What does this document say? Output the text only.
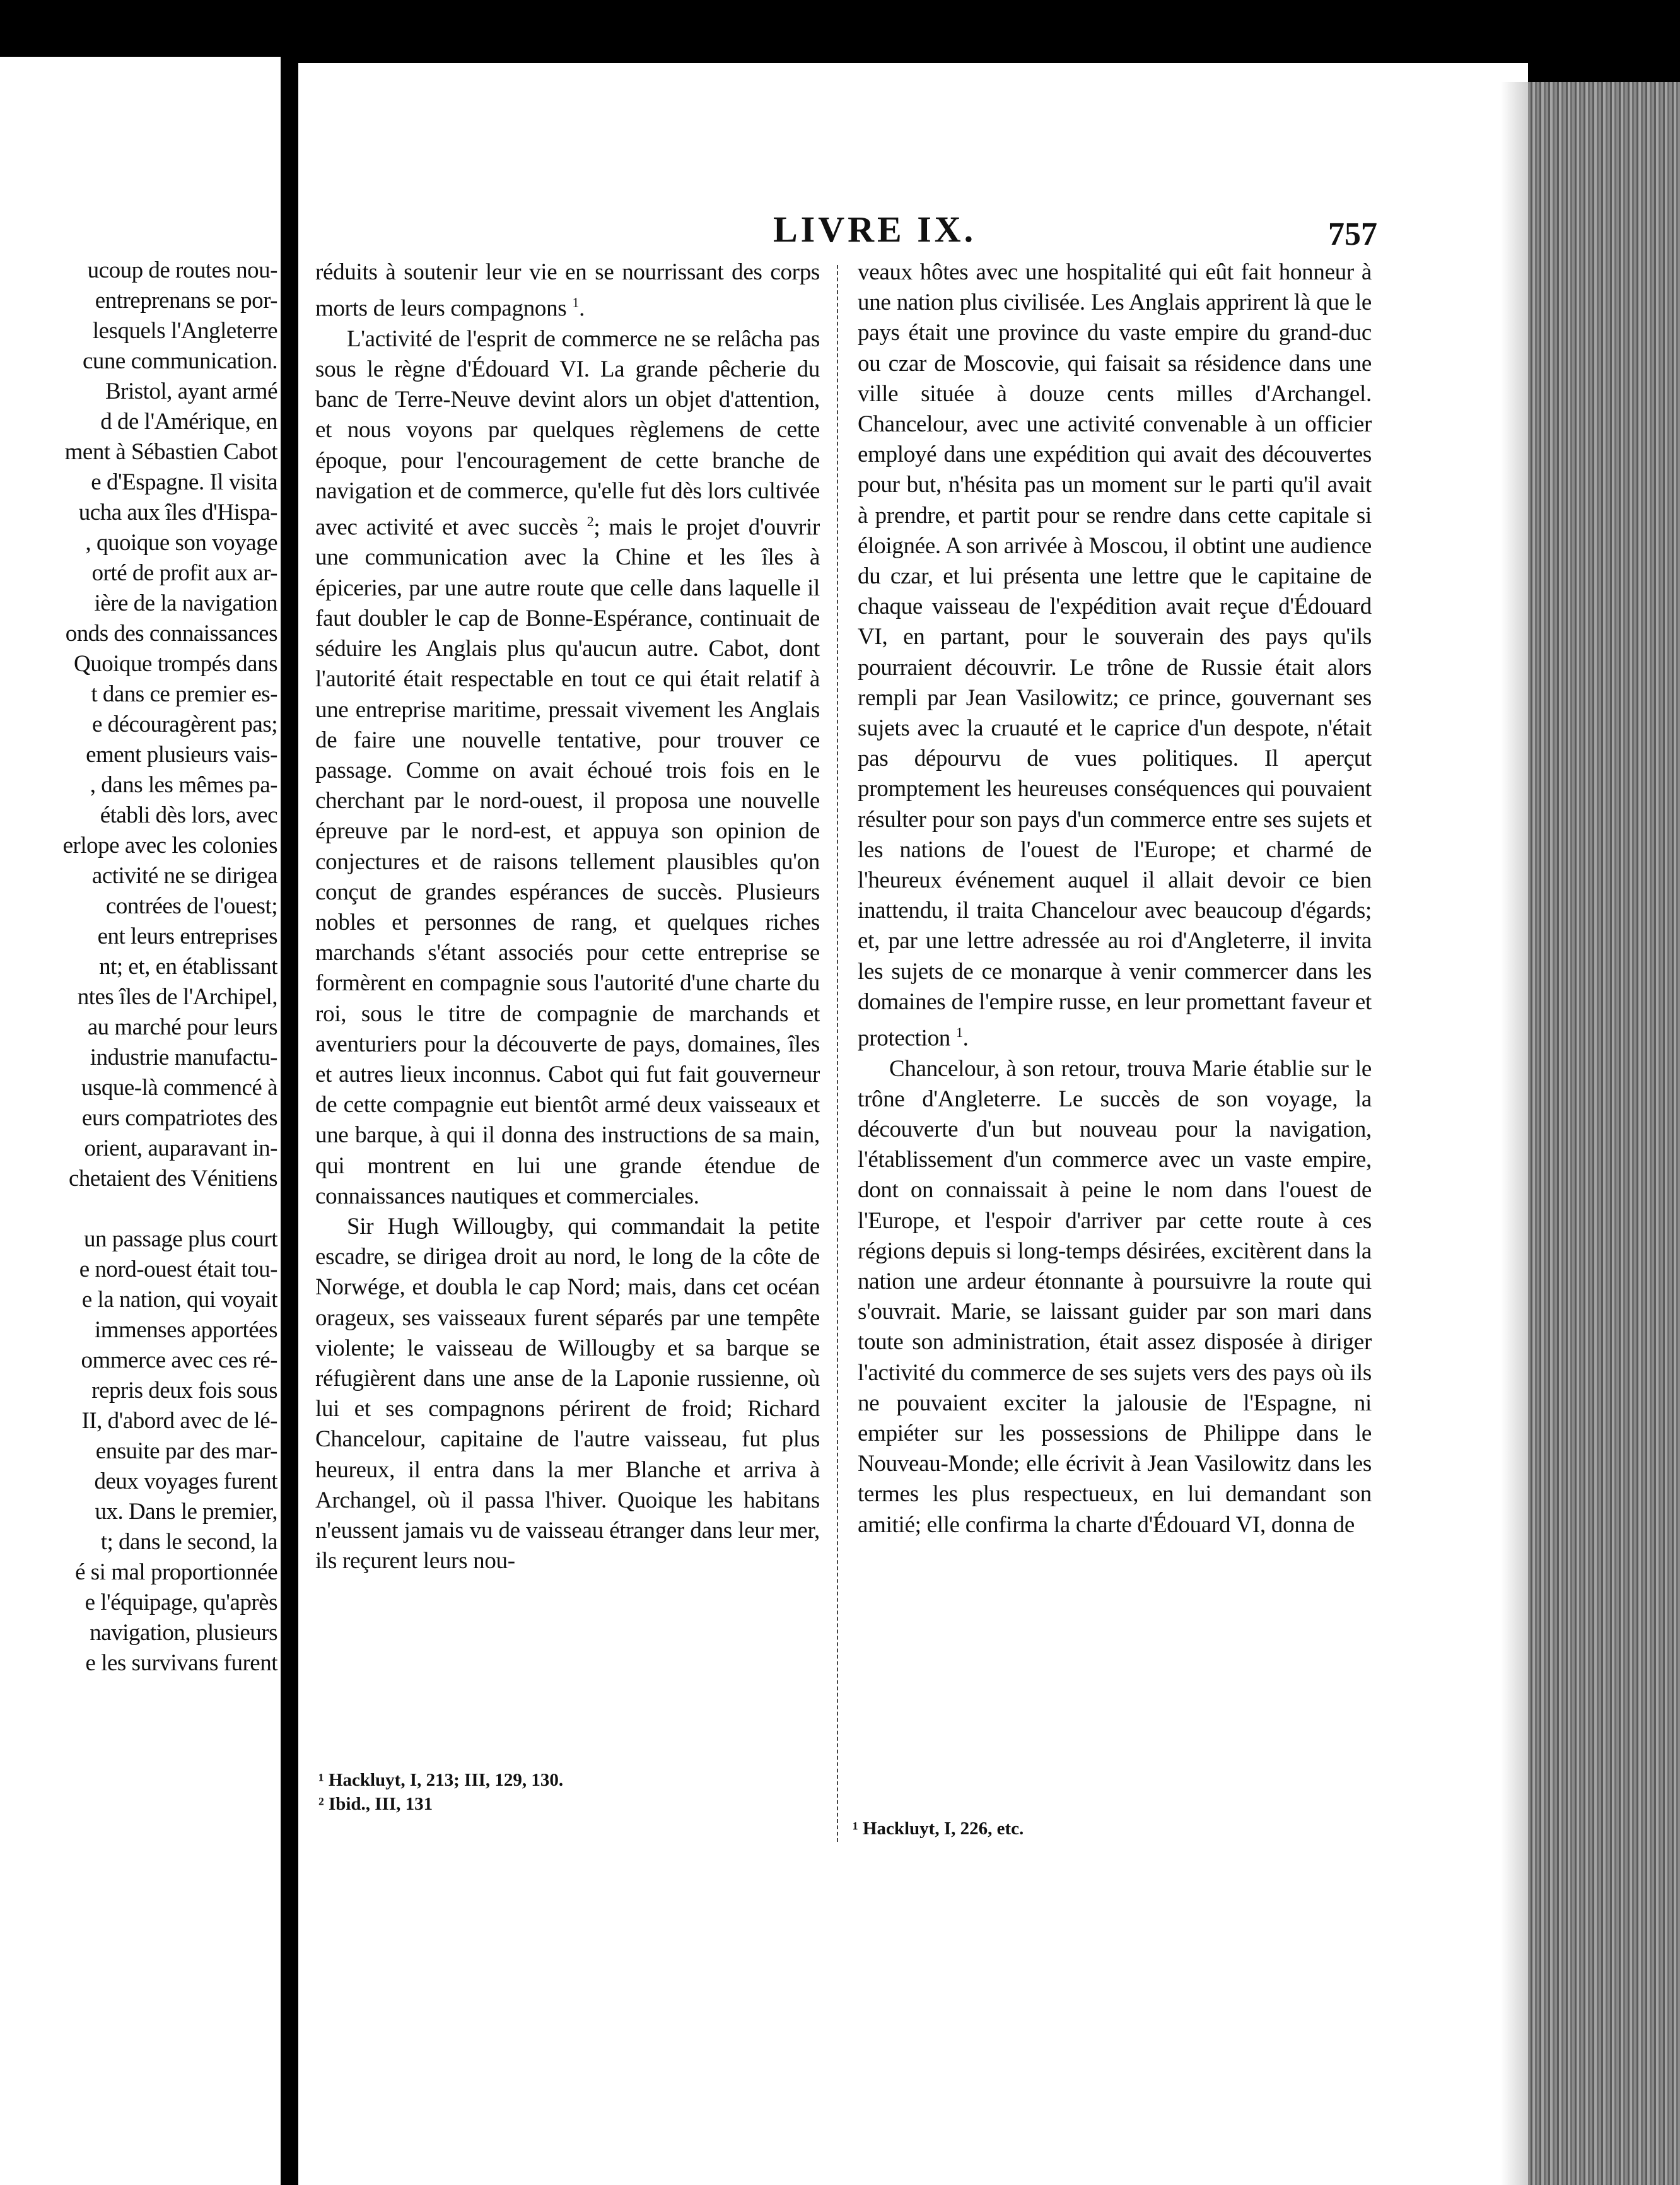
ucoup de routes nou-
entreprenans se por-
lesquels l'Angleterre
cune communication.
Bristol, ayant armé
d de l'Amérique, en
ment à Sébastien Cabot
e d'Espagne. Il visita
ucha aux îles d'Hispa-
, quoique son voyage
orté de profit aux ar-
ière de la navigation
onds des connaissances
Quoique trompés dans
t dans ce premier es-
e découragèrent pas;
ement plusieurs vais-
, dans les mêmes pa-
établi dès lors, avec
erlope avec les colonies
activité ne se dirigea
contrées de l'ouest;
ent leurs entreprises
nt; et, en établissant
ntes îles de l'Archipel,
au marché pour leurs
industrie manufactu-
usque-là commencé à
eurs compatriotes des
orient, auparavant in-
chetaient des Vénitiens

un passage plus court
e nord-ouest était tou-
e la nation, qui voyait
immenses apportées
ommerce avec ces ré-
repris deux fois sous
II, d'abord avec de lé-
ensuite par des mar-
deux voyages furent
ux. Dans le premier,
t; dans le second, la
é si mal proportionnée
e l'équipage, qu'après
navigation, plusieurs
e les survivans furent
LIVRE IX.	757

réduits à soutenir leur vie en se nourrissant des corps morts de leurs compagnons $^1$.

L'activité de l'esprit de commerce ne se relâcha pas sous le règne d'Édouard VI. La grande pêcherie du banc de Terre-Neuve devint alors un objet d'attention, et nous voyons par quelques règlemens de cette époque, pour l'encouragement de cette branche de navigation et de commerce, qu'elle fut dès lors cultivée avec activité et avec succès $^2$; mais le projet d'ouvrir une communication avec la Chine et les îles à épiceries, par une autre route que celle dans laquelle il faut doubler le cap de Bonne-Espérance, continuait de séduire les Anglais plus qu'aucun autre. Cabot, dont l'autorité était respectable en tout ce qui était relatif à une entreprise maritime, pressait vivement les Anglais de faire une nouvelle tentative, pour trouver ce passage. Comme on avait échoué trois fois en le cherchant par le nord-ouest, il proposa une nouvelle épreuve par le nord-est, et appuya son opinion de conjectures et de raisons tellement plausibles qu'on conçut de grandes espérances de succès. Plusieurs nobles et personnes de rang, et quelques riches marchands s'étant associés pour cette entreprise se formèrent en compagnie sous l'autorité d'une charte du roi, sous le titre de compagnie de marchands et aventuriers pour la découverte de pays, domaines, îles et autres lieux inconnus. Cabot qui fut fait gouverneur de cette compagnie eut bientôt armé deux vaisseaux et une barque, à qui il donna des instructions de sa main, qui montrent en lui une grande étendue de connaissances nautiques et commerciales.

Sir Hugh Willougby, qui commandait la petite escadre, se dirigea droit au nord, le long de la côte de Norwége, et doubla le cap Nord; mais, dans cet océan orageux, ses vaisseaux furent séparés par une tempête violente; le vaisseau de Willougby et sa barque se réfugièrent dans une anse de la Laponie russienne, où lui et ses compagnons périrent de froid; Richard Chancelour, capitaine de l'autre vaisseau, fut plus heureux, il entra dans la mer Blanche et arriva à Archangel, où il passa l'hiver. Quoique les habitans n'eussent jamais vu de vaisseau étranger dans leur mer, ils reçurent leurs nou-

veaux hôtes avec une hospitalité qui eût fait honneur à une nation plus civilisée. Les Anglais apprirent là que le pays était une province du vaste empire du grand-duc ou czar de Moscovie, qui faisait sa résidence dans une ville située à douze cents milles d'Archangel. Chancelour, avec une activité convenable à un officier employé dans une expédition qui avait des découvertes pour but, n'hésita pas un moment sur le parti qu'il avait à prendre, et partit pour se rendre dans cette capitale si éloignée. A son arrivée à Moscou, il obtint une audience du czar, et lui présenta une lettre que le capitaine de chaque vaisseau de l'expédition avait reçue d'Édouard VI, en partant, pour le souverain des pays qu'ils pourraient découvrir. Le trône de Russie était alors rempli par Jean Vasilowitz; ce prince, gouvernant ses sujets avec la cruauté et le caprice d'un despote, n'était pas dépourvu de vues politiques. Il aperçut promptement les heureuses conséquences qui pouvaient résulter pour son pays d'un commerce entre ses sujets et les nations de l'ouest de l'Europe; et charmé de l'heureux événement auquel il allait devoir ce bien inattendu, il traita Chancelour avec beaucoup d'égards; et, par une lettre adressée au roi d'Angleterre, il invita les sujets de ce monarque à venir commercer dans les domaines de l'empire russe, en leur promettant faveur et protection $^1$.

Chancelour, à son retour, trouva Marie établie sur le trône d'Angleterre. Le succès de son voyage, la découverte d'un but nouveau pour la navigation, l'établissement d'un commerce avec un vaste empire, dont on connaissait à peine le nom dans l'ouest de l'Europe, et l'espoir d'arriver par cette route à ces régions depuis si long-temps désirées, excitèrent dans la nation une ardeur étonnante à poursuivre la route qui s'ouvrait. Marie, se laissant guider par son mari dans toute son administration, était assez disposée à diriger l'activité du commerce de ses sujets vers des pays où ils ne pouvaient exciter la jalousie de l'Espagne, ni empiéter sur les possessions de Philippe dans le Nouveau-Monde; elle écrivit à Jean Vasilowitz dans les termes les plus respectueux, en lui demandant son amitié; elle confirma la charte d'Édouard VI, donna de

¹ Hackluyt, I, 213; III, 129, 130.
² Ibid., III, 131
¹ Hackluyt, I, 226, etc.
